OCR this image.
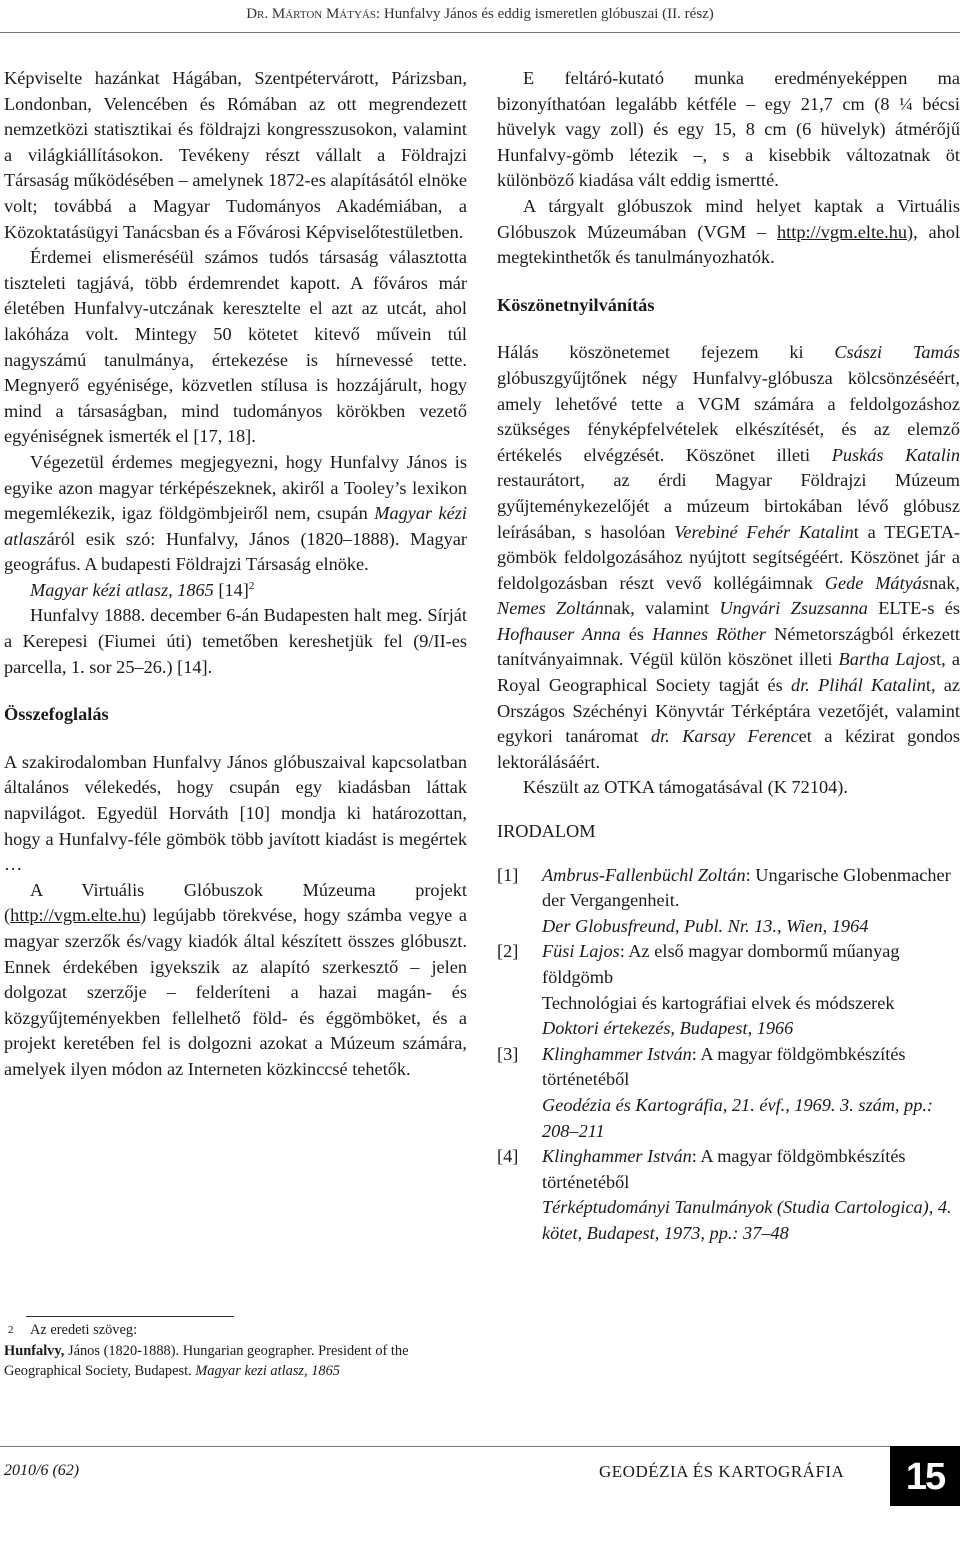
Dr. Márton Mátyás: Hunfalvy János és eddig ismeretlen glóbuszai (II. rész)

Képviselte hazánkat Hágában, Szentpétervárott, Párizsban, Londonban, Velencében és Rómában az ott megrendezett nemzetközi statisztikai és földrajzi kongresszusokon, valamint a világkiállításokon. Tevékeny részt vállalt a Földrajzi Társaság működésében ‒ amelynek 1872-es alapításától elnöke volt; továbbá a Magyar Tudományos Akadémiában, a Közoktatásügyi Tanácsban és a Fővárosi Képviselőtestületben.

Érdemei elismeréséül számos tudós társaság választotta tiszteleti tagjává, több érdemrendet kapott. A főváros már életében Hunfalvy-utczának keresztelte el azt az utcát, ahol lakóháza volt. Mintegy 50 kötetet kitevő művein túl nagyszámú tanulmánya, értekezése is hírnevessé tette. Megnyerő egyénisége, közvetlen stílusa is hozzájárult, hogy mind a társaságban, mind tudományos körökben vezető egyéniségnek ismerték el [17, 18].

Végezetül érdemes megjegyezni, hogy Hunfalvy János is egyike azon magyar térképészeknek, akiről a Tooley’s lexikon megemlékezik, igaz földgömbjeiről nem, csupán Magyar kézi atlaszáról esik szó: Hunfalvy, János (1820‒1888). Magyar geográfus. A budapesti Földrajzi Társaság elnöke.

Magyar kézi atlasz, 1865 $[14]^2$

Hunfalvy 1888. december 6-án Budapesten halt meg. Sírját a Kerepesi (Fiumei úti) temetőben kereshetjük fel (9/II-es parcella, 1. sor 25‒26.) [14].

Összefoglalás

A szakirodalomban Hunfalvy János glóbuszaival kapcsolatban általános vélekedés, hogy csupán egy kiadásban láttak napvilágot. Egyedül Horváth [10] mondja ki határozottan, hogy a Hunfalvy-féle gömbök több javított kiadást is megértek …

A Virtuális Glóbuszok Múzeuma projekt (http://vgm.elte.hu) legújabb törekvése, hogy számba vegye a magyar szerzők és/vagy kiadók által készített összes glóbuszt. Ennek érdekében igyekszik az alapító szerkesztő ‒ jelen dolgozat szerzője ‒ felderíteni a hazai magán- és közgyűjteményekben fellelhető föld- és éggömböket, és a projekt keretében fel is dolgozni azokat a Múzeum számára, amelyek ilyen módon az Interneten közkinccsé tehetők.

2 Az eredeti szöveg:
Hunfalvy, János (1820-1888). Hungarian geographer. President of the Geographical Society, Budapest. Magyar kezi atlasz, 1865

E feltáró-kutató munka eredményeképpen ma bizonyíthatóan legalább kétféle ‒ egy 21,7 cm (8 ¼ bécsi hüvelyk vagy zoll) és egy 15, 8 cm (6 hüvelyk) átmérőjű Hunfalvy-gömb létezik ‒, s a kisebbik változatnak öt különböző kiadása vált eddig ismertté.

A tárgyalt glóbuszok mind helyet kaptak a Virtuális Glóbuszok Múzeumában (VGM ‒ http://vgm.elte.hu), ahol megtekinthetők és tanulmányozhatók.

Köszönetnyilvánítás

Hálás köszönetemet fejezem ki Császi Tamás glóbuszgyűjtőnek négy Hunfalvy-glóbusza kölcsönzéséért, amely lehetővé tette a VGM számára a feldolgozáshoz szükséges fényképfelvételek elkészítését, és az elemző értékelés elvégzését. Köszönet illeti Puskás Katalin restaurátort, az érdi Magyar Földrajzi Múzeum gyűjteménykezelőjét a múzeum birtokában lévő glóbusz leírásában, s hasolóan Verebiné Fehér Katalint a TEGETA-gömbök feldolgozásához nyújtott segítségéért. Köszönet jár a feldolgozásban részt vevő kollégáimnak Gede Mátyásnak, Nemes Zoltánnak, valamint Ungvári Zsuzsanna ELTE-s és Hofhauser Anna és Hannes Röther Németországból érkezett tanítványaimnak. Végül külön köszönet illeti Bartha Lajost, a Royal Geographical Society tagját és dr. Plihál Katalint, az Országos Széchényi Könyvtár Térképtára vezetőjét, valamint egykori tanáromat dr. Karsay Ferencet a kézirat gondos lektorálásáért.

Készült az OTKA támogatásával (K 72104).

IRODALOM

[1]	Ambrus-Fallenbüchl Zoltán: Ungarische Globenmacher der Vergangenheit.
Der Globusfreund, Publ. Nr. 13., Wien, 1964
[2]	Füsi Lajos: Az első magyar dombormű műanyag földgömb
Technológiai és kartográfiai elvek és módszerek
Doktori értekezés, Budapest, 1966
[3]	Klinghammer István: A magyar földgömbkészítés történetéből
Geodézia és Kartográfia, 21. évf., 1969. 3. szám, pp.: 208‒211
[4]	Klinghammer István: A magyar földgömbkészítés történetéből
Térképtudományi Tanulmányok (Studia Cartologica), 4. kötet, Budapest, 1973, pp.: 37‒48
2010/6 (62)	GEODÉZIA ÉS KARTOGRÁFIA	15
